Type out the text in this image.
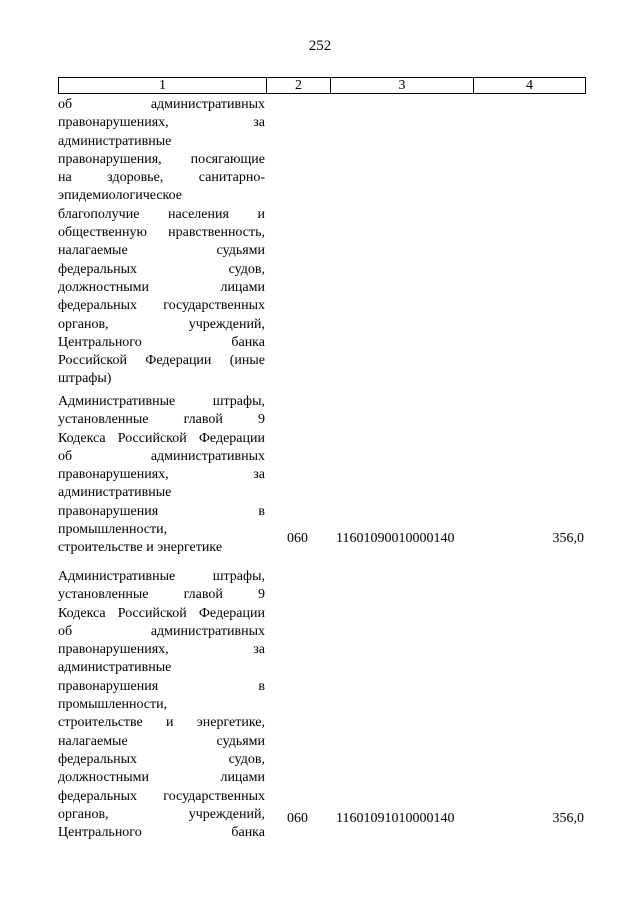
252
1	2	3	4
об административных
правонарушениях, за
административные
правонарушения, посягающие
на здоровье, санитарно-
эпидемиологическое
благополучие населения и
общественную нравственность,
налагаемые судьями
федеральных судов,
должностными лицами
федеральных государственных
органов, учреждений,
Центрального банка
Российской Федерации (иные
штрафы)
Административные штрафы,
установленные главой 9
Кодекса Российской Федерации
об административных
правонарушениях, за
административные
правонарушения в
промышленности,
строительстве и энергетике
060 11601090010000140	356,0
Административные штрафы,
установленные главой 9
Кодекса Российской Федерации
об административных
правонарушениях, за
административные
правонарушения в
промышленности,
строительстве и энергетике,
налагаемые судьями
федеральных судов,
должностными лицами
федеральных государственных
органов, учреждений,
Центрального банка
060 11601091010000140	356,0
